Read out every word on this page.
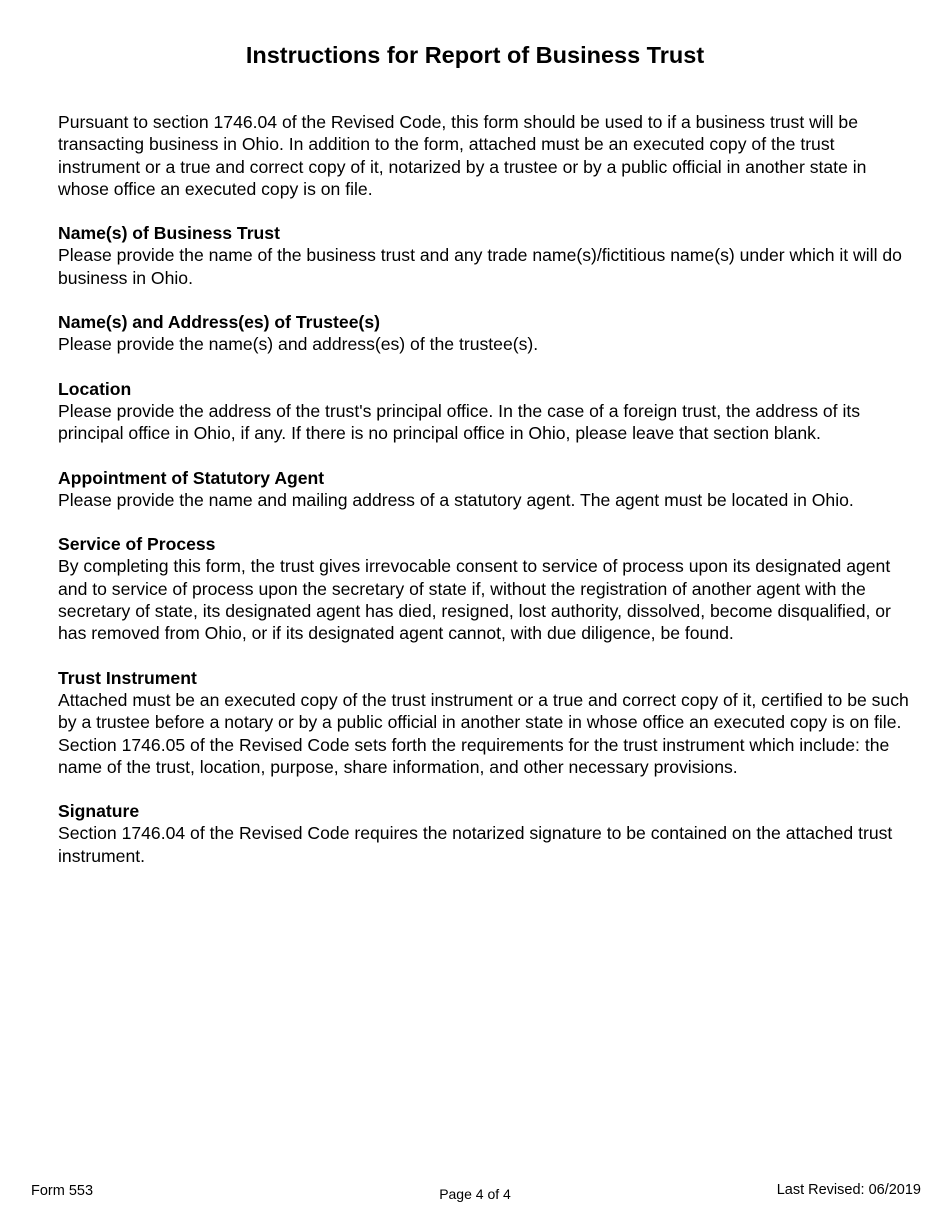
Instructions for Report of Business Trust

Pursuant to section 1746.04 of the Revised Code, this form should be used to if a business trust will be transacting business in Ohio. In addition to the form, attached must be an executed copy of the trust instrument or a true and correct copy of it, notarized by a trustee or by a public official in another state in whose office an executed copy is on file.

Name(s) of Business Trust

Please provide the name of the business trust and any trade name(s)/fictitious name(s) under which it will do business in Ohio.

Name(s) and Address(es) of Trustee(s)

Please provide the name(s) and address(es) of the trustee(s).

Location

Please provide the address of the trust's principal office. In the case of a foreign trust, the address of its principal office in Ohio, if any. If there is no principal office in Ohio, please leave that section blank.

Appointment of Statutory Agent

Please provide the name and mailing address of a statutory agent. The agent must be located in Ohio.

Service of Process

By completing this form, the trust gives irrevocable consent to service of process upon its designated agent and to service of process upon the secretary of state if, without the registration of another agent with the secretary of state, its designated agent has died, resigned, lost authority, dissolved, become disqualified, or has removed from Ohio, or if its designated agent cannot, with due diligence, be found.

Trust Instrument

Attached must be an executed copy of the trust instrument or a true and correct copy of it, certified to be such by a trustee before a notary or by a public official in another state in whose office an executed copy is on file. Section 1746.05 of the Revised Code sets forth the requirements for the trust instrument which include: the name of the trust, location, purpose, share information, and other necessary provisions.

Signature

Section 1746.04 of the Revised Code requires the notarized signature to be contained on the attached trust instrument.

Form 553	Page 4 of 4	Last Revised: 06/2019
